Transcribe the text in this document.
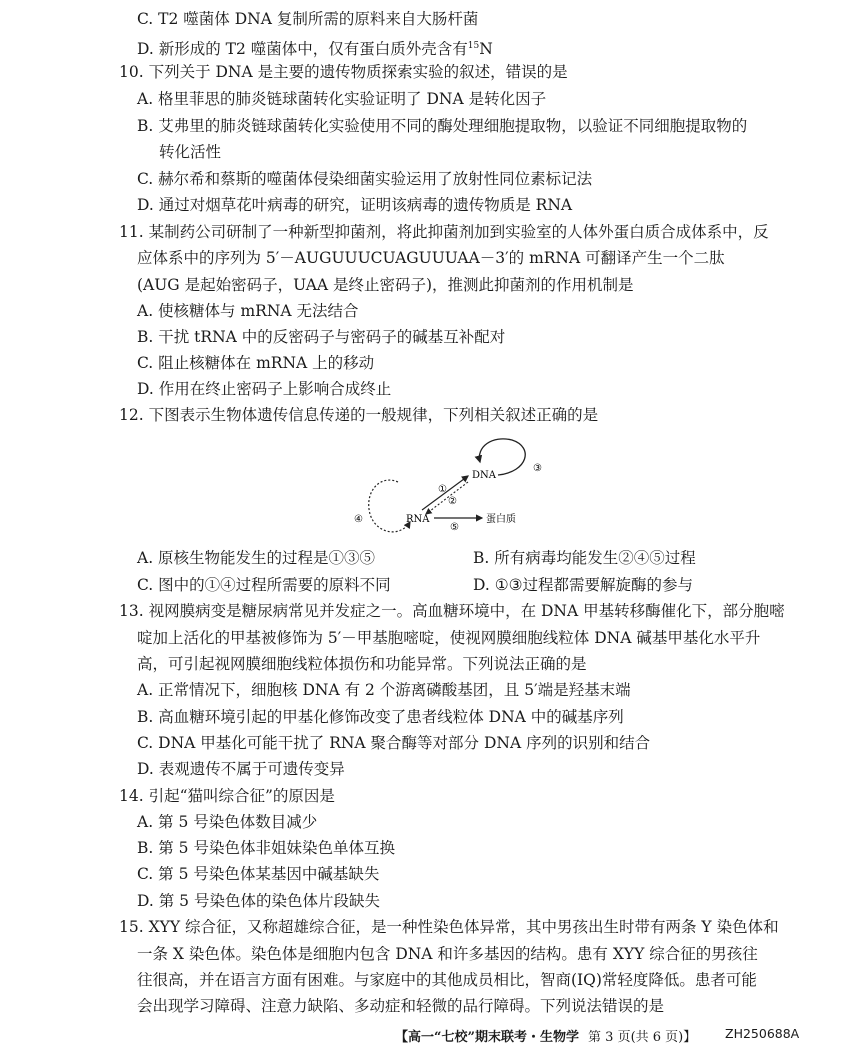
C. T2 噬菌体 DNA 复制所需的原料来自大肠杆菌
D. 新形成的 T2 噬菌体中，仅有蛋白质外壳含有$^{15}$N
10. 下列关于 DNA 是主要的遗传物质探索实验的叙述，错误的是
A. 格里菲思的肺炎链球菌转化实验证明了 DNA 是转化因子
B. 艾弗里的肺炎链球菌转化实验使用不同的酶处理细胞提取物，以验证不同细胞提取物的
转化活性
C. 赫尔希和蔡斯的噬菌体侵染细菌实验运用了放射性同位素标记法
D. 通过对烟草花叶病毒的研究，证明该病毒的遗传物质是 RNA
11. 某制药公司研制了一种新型抑菌剂，将此抑菌剂加到实验室的人体外蛋白质合成体系中，反
应体系中的序列为 5′－AUGUUUCUAGUUUAA－3′的 mRNA 可翻译产生一个二肽
(AUG 是起始密码子，UAA 是终止密码子)，推测此抑菌剂的作用机制是
A. 使核糖体与 mRNA 无法结合
B. 干扰 tRNA 中的反密码子与密码子的碱基互补配对
C. 阻止核糖体在 mRNA 上的移动
D. 作用在终止密码子上影响合成终止
12. 下图表示生物体遗传信息传递的一般规律，下列相关叙述正确的是
DNA
RNA	蛋白质
①
②
③
④
⑤
A. 原核生物能发生的过程是①③⑤	B. 所有病毒均能发生②④⑤过程
C. 图中的①④过程所需要的原料不同	D. ①③过程都需要解旋酶的参与
13. 视网膜病变是糖尿病常见并发症之一。高血糖环境中，在 DNA 甲基转移酶催化下，部分胞嘧
啶加上活化的甲基被修饰为 5′－甲基胞嘧啶，使视网膜细胞线粒体 DNA 碱基甲基化水平升
高，可引起视网膜细胞线粒体损伤和功能异常。下列说法正确的是
A. 正常情况下，细胞核 DNA 有 2 个游离磷酸基团，且 5′端是羟基末端
B. 高血糖环境引起的甲基化修饰改变了患者线粒体 DNA 中的碱基序列
C. DNA 甲基化可能干扰了 RNA 聚合酶等对部分 DNA 序列的识别和结合
D. 表观遗传不属于可遗传变异
14. 引起“猫叫综合征”的原因是
A. 第 5 号染色体数目减少
B. 第 5 号染色体非姐妹染色单体互换
C. 第 5 号染色体某基因中碱基缺失
D. 第 5 号染色体的染色体片段缺失
15. XYY 综合征，又称超雄综合征，是一种性染色体异常，其中男孩出生时带有两条 Y 染色体和
一条 X 染色体。染色体是细胞内包含 DNA 和许多基因的结构。患有 XYY 综合征的男孩往
往很高，并在语言方面有困难。与家庭中的其他成员相比，智商(IQ)常轻度降低。患者可能
会出现学习障碍、注意力缺陷、多动症和轻微的品行障碍。下列说法错误的是
【高一“七校”期末联考・生物学 第 3 页(共 6 页)】 ZH250688A
